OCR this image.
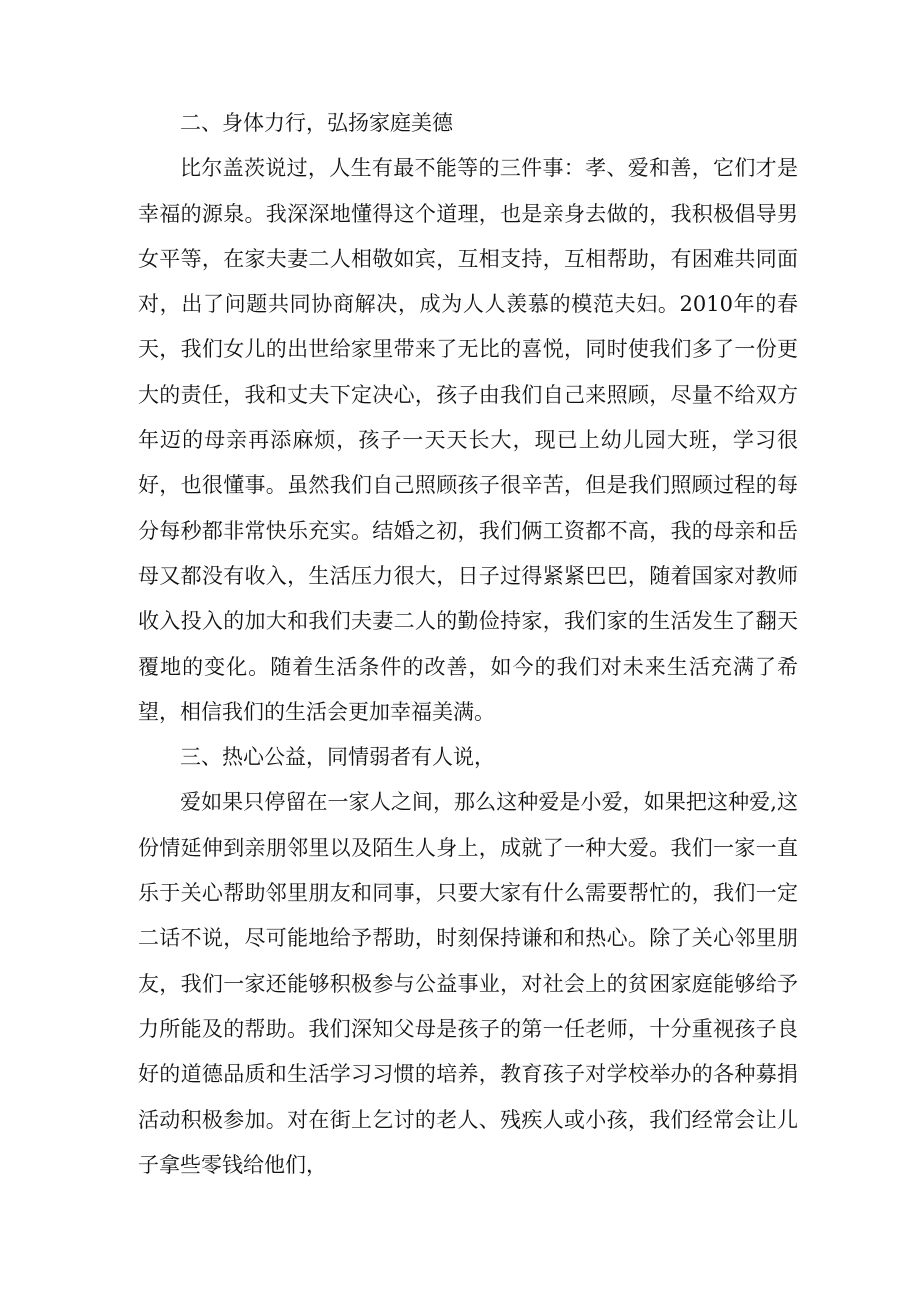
二、身体力行，弘扬家庭美德

比尔盖茨说过，人生有最不能等的三件事：孝、爱和善，它们才是幸福的源泉。我深深地懂得这个道理，也是亲身去做的，我积极倡导男女平等，在家夫妻二人相敬如宾，互相支持，互相帮助，有困难共同面对，出了问题共同协商解决，成为人人羡慕的模范夫妇。2010年的春天，我们女儿的出世给家里带来了无比的喜悦，同时使我们多了一份更大的责任，我和丈夫下定决心，孩子由我们自己来照顾，尽量不给双方年迈的母亲再添麻烦，孩子一天天长大，现已上幼儿园大班，学习很好，也很懂事。虽然我们自己照顾孩子很辛苦，但是我们照顾过程的每分每秒都非常快乐充实。结婚之初，我们俩工资都不高，我的母亲和岳母又都没有收入，生活压力很大，日子过得紧紧巴巴，随着国家对教师收入投入的加大和我们夫妻二人的勤俭持家，我们家的生活发生了翻天覆地的变化。随着生活条件的改善，如今的我们对未来生活充满了希望，相信我们的生活会更加幸福美满。

三、热心公益，同情弱者有人说，

爱如果只停留在一家人之间，那么这种爱是小爱，如果把这种爱,这份情延伸到亲朋邻里以及陌生人身上，成就了一种大爱。我们一家一直乐于关心帮助邻里朋友和同事，只要大家有什么需要帮忙的，我们一定二话不说，尽可能地给予帮助，时刻保持谦和和热心。除了关心邻里朋友，我们一家还能够积极参与公益事业，对社会上的贫困家庭能够给予力所能及的帮助。我们深知父母是孩子的第一任老师，十分重视孩子良好的道德品质和生活学习习惯的培养，教育孩子对学校举办的各种募捐活动积极参加。对在街上乞讨的老人、残疾人或小孩，我们经常会让儿子拿些零钱给他们，
